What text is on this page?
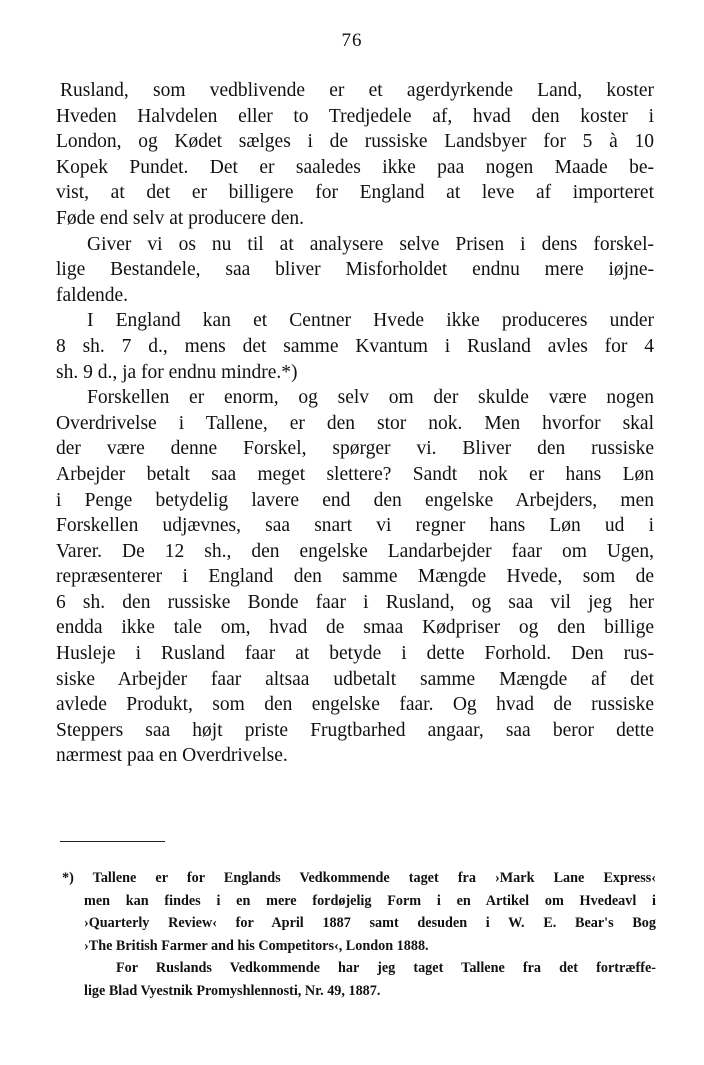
76
Rusland, som vedblivende er et agerdyrkende Land, koster
Hveden Halvdelen eller to Tredjedele af, hvad den koster i
London, og Kødet sælges i de russiske Landsbyer for 5 à 10
Kopek Pundet. Det er saaledes ikke paa nogen Maade be-
vist, at det er billigere for England at leve af importeret
Føde end selv at producere den.
Giver vi os nu til at analysere selve Prisen i dens forskel-
lige Bestandele, saa bliver Misforholdet endnu mere iøjne-
faldende.
I England kan et Centner Hvede ikke produceres under
8 sh. 7 d., mens det samme Kvantum i Rusland avles for 4
sh. 9 d., ja for endnu mindre.*)
Forskellen er enorm, og selv om der skulde være nogen
Overdrivelse i Tallene, er den stor nok. Men hvorfor skal
der være denne Forskel, spørger vi. Bliver den russiske
Arbejder betalt saa meget slettere? Sandt nok er hans Løn
i Penge betydelig lavere end den engelske Arbejders, men
Forskellen udjævnes, saa snart vi regner hans Løn ud i
Varer. De 12 sh., den engelske Landarbejder faar om Ugen,
repræsenterer i England den samme Mængde Hvede, som de
6 sh. den russiske Bonde faar i Rusland, og saa vil jeg her
endda ikke tale om, hvad de smaa Kødpriser og den billige
Husleje i Rusland faar at betyde i dette Forhold. Den rus-
siske Arbejder faar altsaa udbetalt samme Mængde af det
avlede Produkt, som den engelske faar. Og hvad de russiske
Steppers saa højt priste Frugtbarhed angaar, saa beror dette
nærmest paa en Overdrivelse.
*) Tallene er for Englands Vedkommende taget fra ›Mark Lane Express‹
men kan findes i en mere fordøjelig Form i en Artikel om Hvedeavl i
›Quarterly Review‹ for April 1887 samt desuden i W. E. Bear's Bog
›The British Farmer and his Competitors‹, London 1888.
For Ruslands Vedkommende har jeg taget Tallene fra det fortræffe-
lige Blad Vyestnik Promyshlennosti, Nr. 49, 1887.
